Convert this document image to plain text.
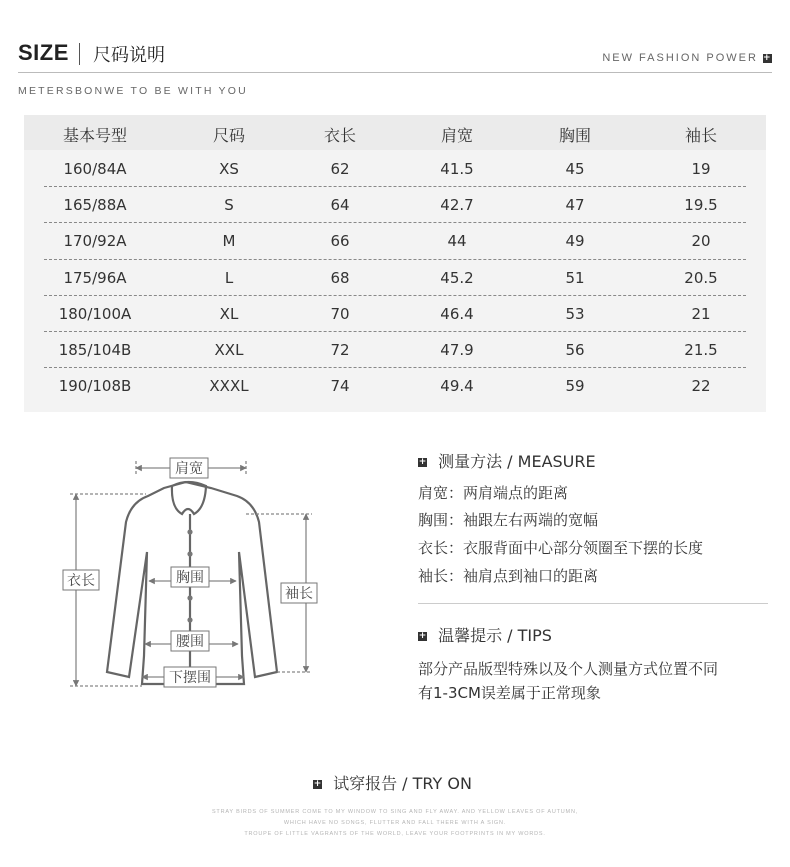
SIZE 尺码说明	NEW FASHION POWER +
METERSBONWE TO BE WITH YOU
基本号型	尺码	衣长	肩宽	胸围	袖长
160/84A	XS	62	41.5	45	19
165/88A	S	64	42.7	47	19.5
170/92A	M	66	44	49	20
175/96A	L	68	45.2	51	20.5
180/100A	XL	70	46.4	53	21
185/104B	XXL	72	47.9	56	21.5
190/108B	XXXL	74	49.4	59	22
肩宽
衣长	胸围
袖长
腰围
下摆围
+ 测量方法 / MEASURE
肩宽：两肩端点的距离
胸围：袖跟左右两端的宽幅
衣长：衣服背面中心部分领圈至下摆的长度
袖长：袖肩点到袖口的距离
+ 温馨提示 / TIPS
部分产品版型特殊以及个人测量方式位置不同
有1-3CM误差属于正常现象
+ 试穿报告 / TRY ON
STRAY BIRDS OF SUMMER COME TO MY WINDOW TO SING AND FLY AWAY. AND YELLOW LEAVES OF AUTUMN,
WHICH HAVE NO SONGS, FLUTTER AND FALL THERE WITH A SIGN.
TROUPE OF LITTLE VAGRANTS OF THE WORLD, LEAVE YOUR FOOTPRINTS IN MY WORDS.
